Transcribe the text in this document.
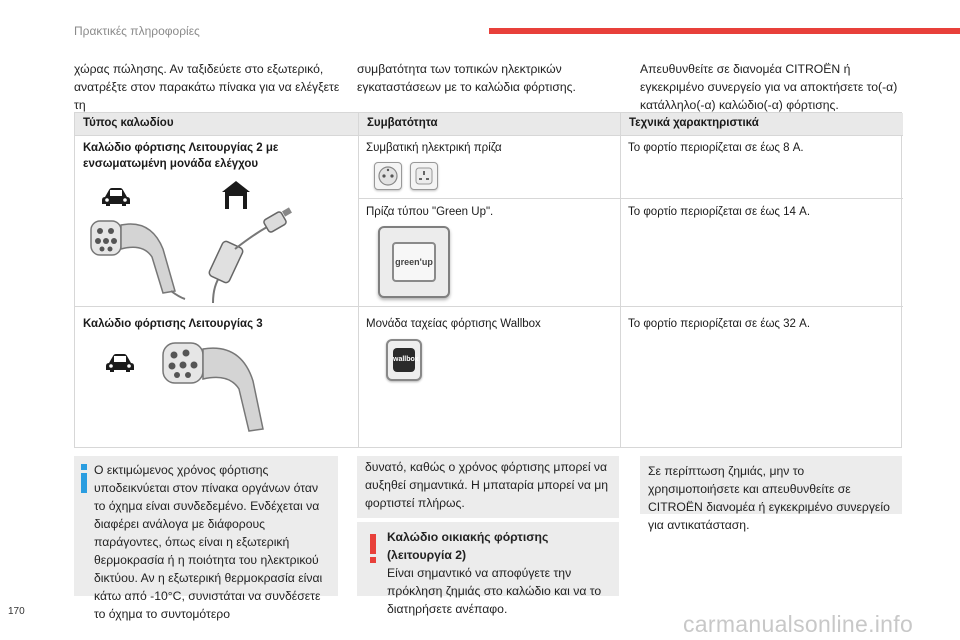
Πρακτικές πληροφορίες
χώρας πώλησης. Αν ταξιδεύετε στο εξωτερικό, ανατρέξτε στον παρακάτω πίνακα για να ελέγξετε τη
συμβατότητα των τοπικών ηλεκτρικών εγκαταστάσεων με το καλώδια φόρτισης.
Απευθυνθείτε σε διανομέα CITROËN ή εγκεκριμένο συνεργείο για να αποκτήσετε το(-α) κατάλληλο(-α) καλώδιο(-α) φόρτισης.
Τύπος καλωδίου	Συμβατότητα	Τεχνικά χαρακτηριστικά
Καλώδιο φόρτισης Λειτουργίας 2 με ενσωματωμένη μονάδα ελέγχου
Συμβατική ηλεκτρική πρίζα	Το φορτίο περιορίζεται σε έως 8 A.
Πρίζα τύπου "Green Up".	Το φορτίο περιορίζεται σε έως 14 A.
green'up
Καλώδιο φόρτισης Λειτουργίας 3	Μονάδα ταχείας φόρτισης Wallbox	Το φορτίο περιορίζεται σε έως 32 A.
wallbox
Ο εκτιμώμενος χρόνος φόρτισης υποδεικνύεται στον πίνακα οργάνων όταν το όχημα είναι συνδεδεμένο. Ενδέχεται να διαφέρει ανάλογα με διάφορους παράγοντες, όπως είναι η εξωτερική θερμοκρασία ή η ποιότητα του ηλεκτρικού δικτύου. Αν η εξωτερική θερμοκρασία είναι κάτω από -10°C, συνιστάται να συνδέσετε το όχημα το συντομότερο
δυνατό, καθώς ο χρόνος φόρτισης μπορεί να αυξηθεί σημαντικά. Η μπαταρία μπορεί να μη φορτιστεί πλήρως.
Καλώδιο οικιακής φόρτισης (λειτουργία 2)
Είναι σημαντικό να αποφύγετε την πρόκληση ζημιάς στο καλώδιο και να το διατηρήσετε ανέπαφο.
Σε περίπτωση ζημιάς, μην το χρησιμοποιήσετε και απευθυνθείτε σε CITROËN διανομέα ή εγκεκριμένο συνεργείο για αντικατάσταση.
170	carmanualsonline.info
